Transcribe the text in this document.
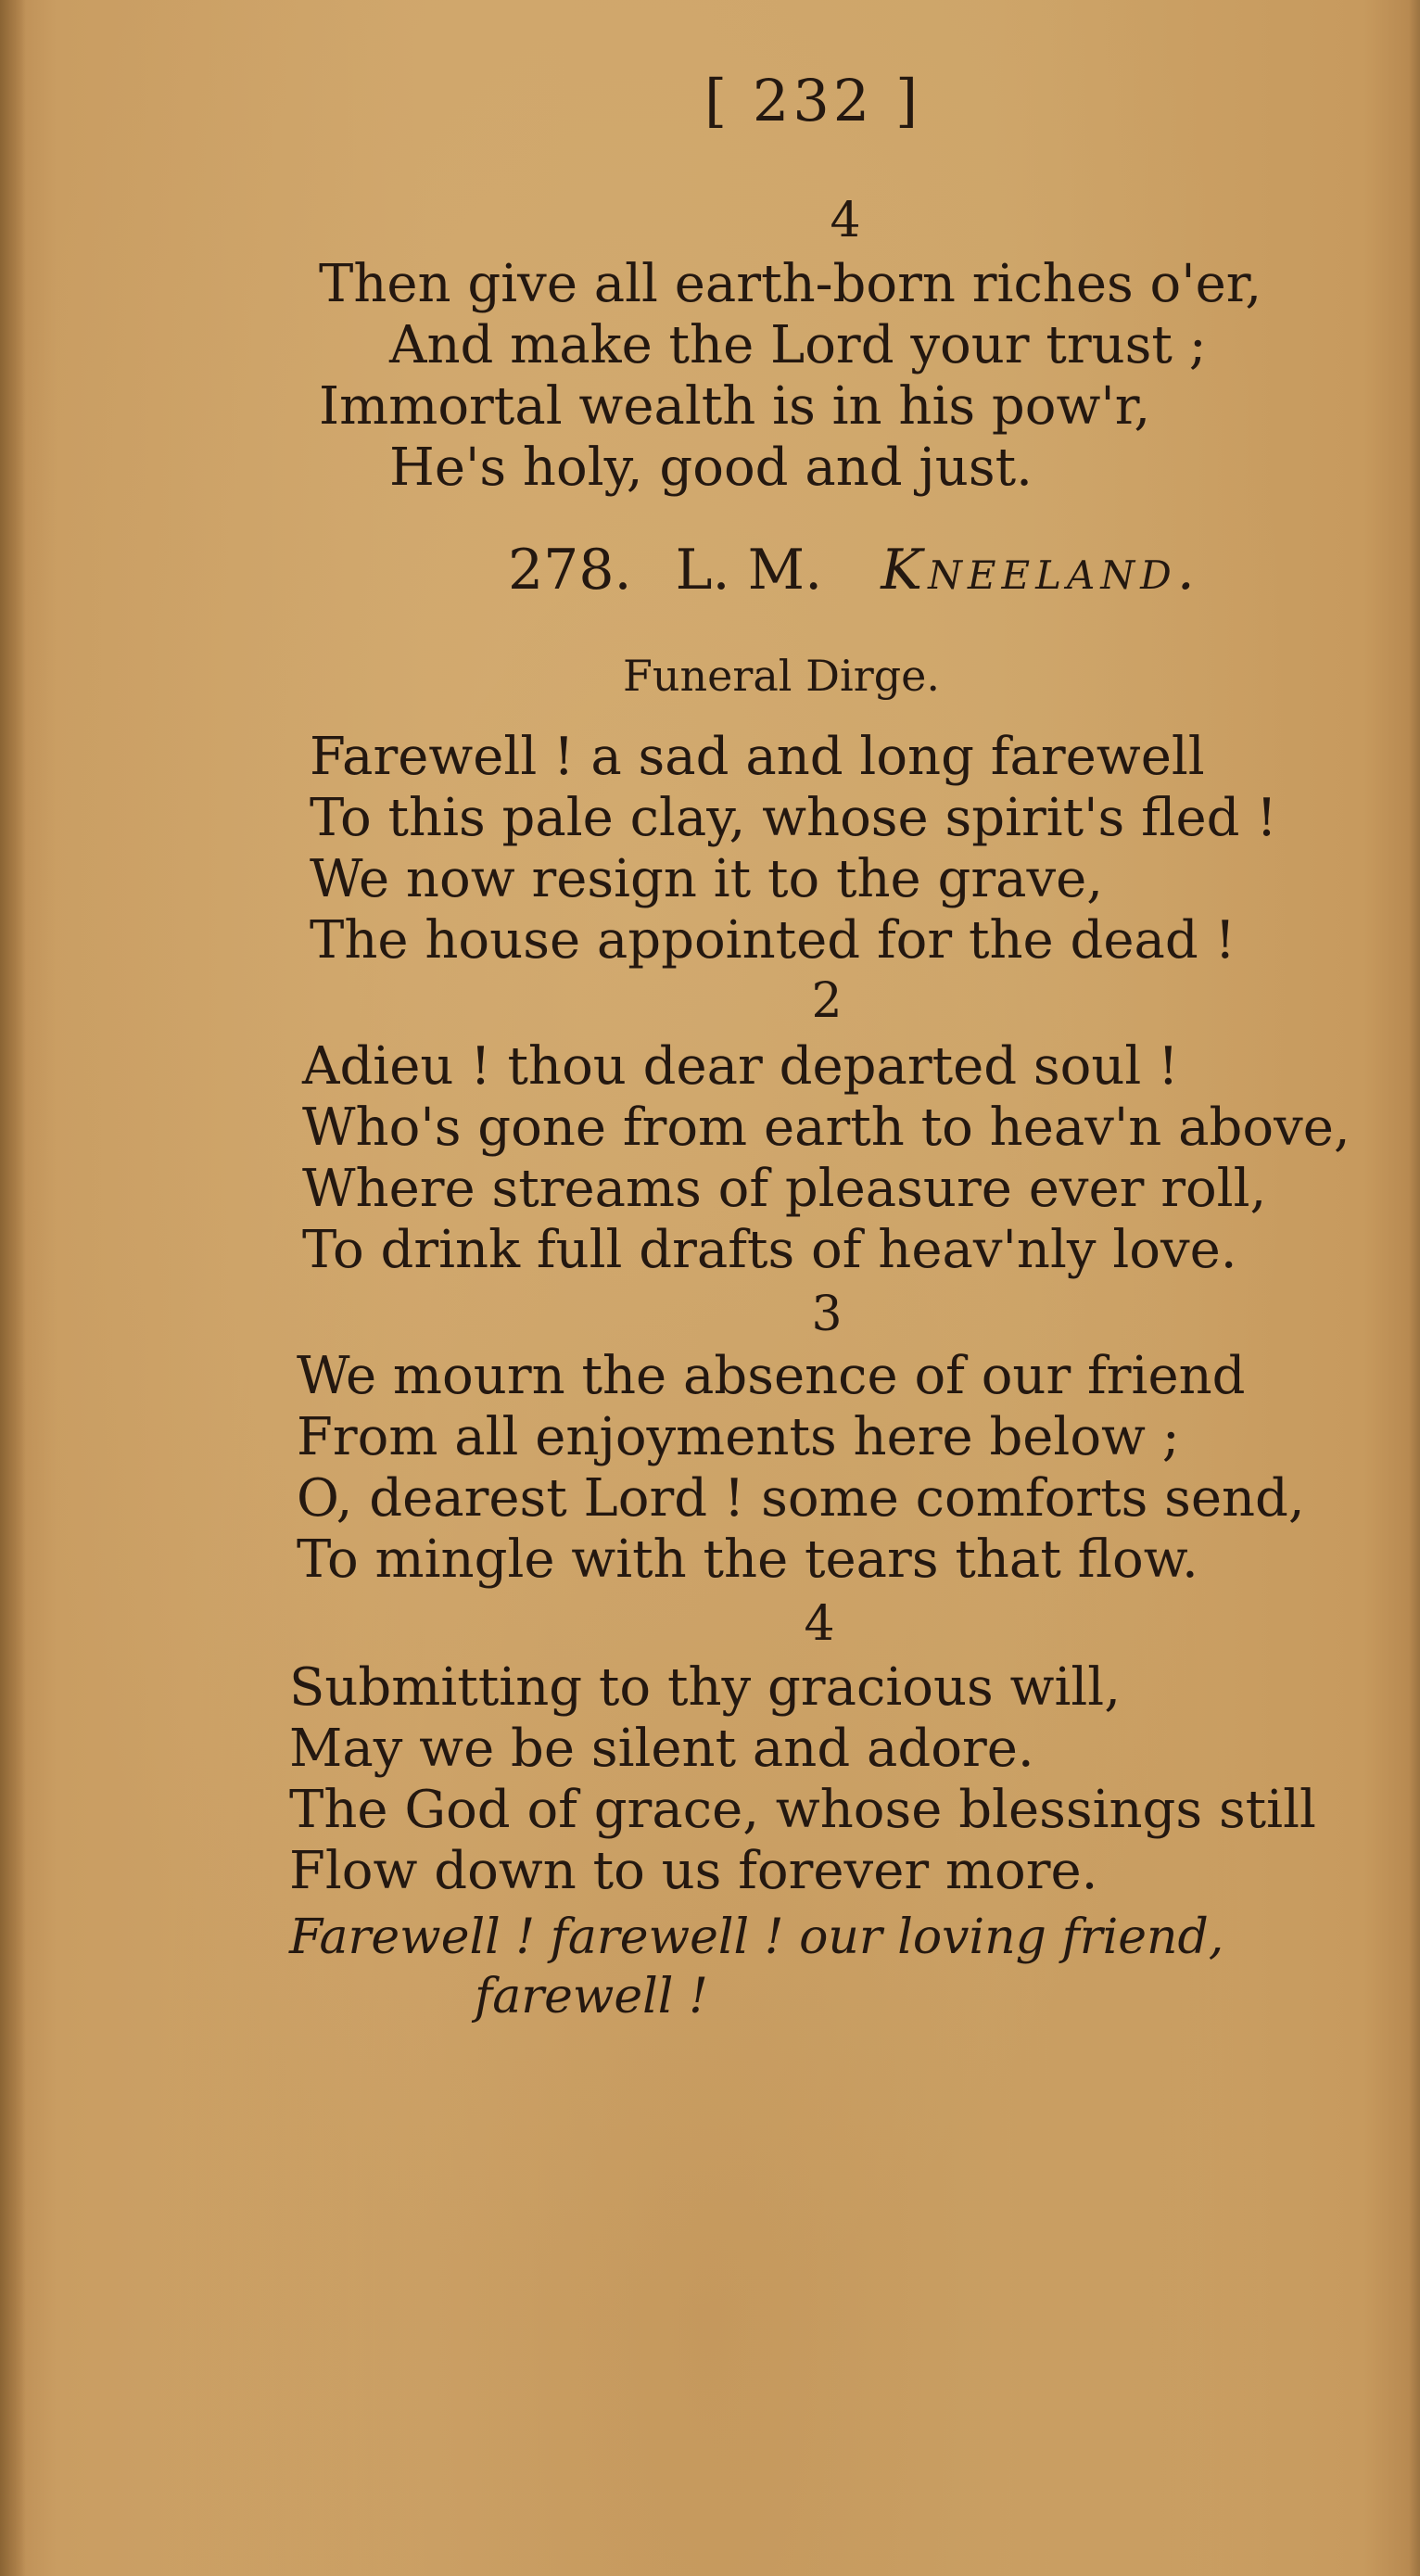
[ 232 ]
4
Then give all earth-born riches o'er,
And make the Lord your trust ;
Immortal wealth is in his pow'r,
He's holy, good and just.
278. L. M. Kneeland.
Funeral Dirge.
Farewell ! a sad and long farewell
To this pale clay, whose spirit's fled !
We now resign it to the grave,
The house appointed for the dead !
2
Adieu ! thou dear departed soul !
Who's gone from earth to heav'n above,
Where streams of pleasure ever roll,
To drink full drafts of heav'nly love.
3
We mourn the absence of our friend
From all enjoyments here below ;
O, dearest Lord ! some comforts send,
To mingle with the tears that flow.
4
Submitting to thy gracious will,
May we be silent and adore.
The God of grace, whose blessings still
Flow down to us forever more.
Farewell ! farewell ! our loving friend,
farewell !
